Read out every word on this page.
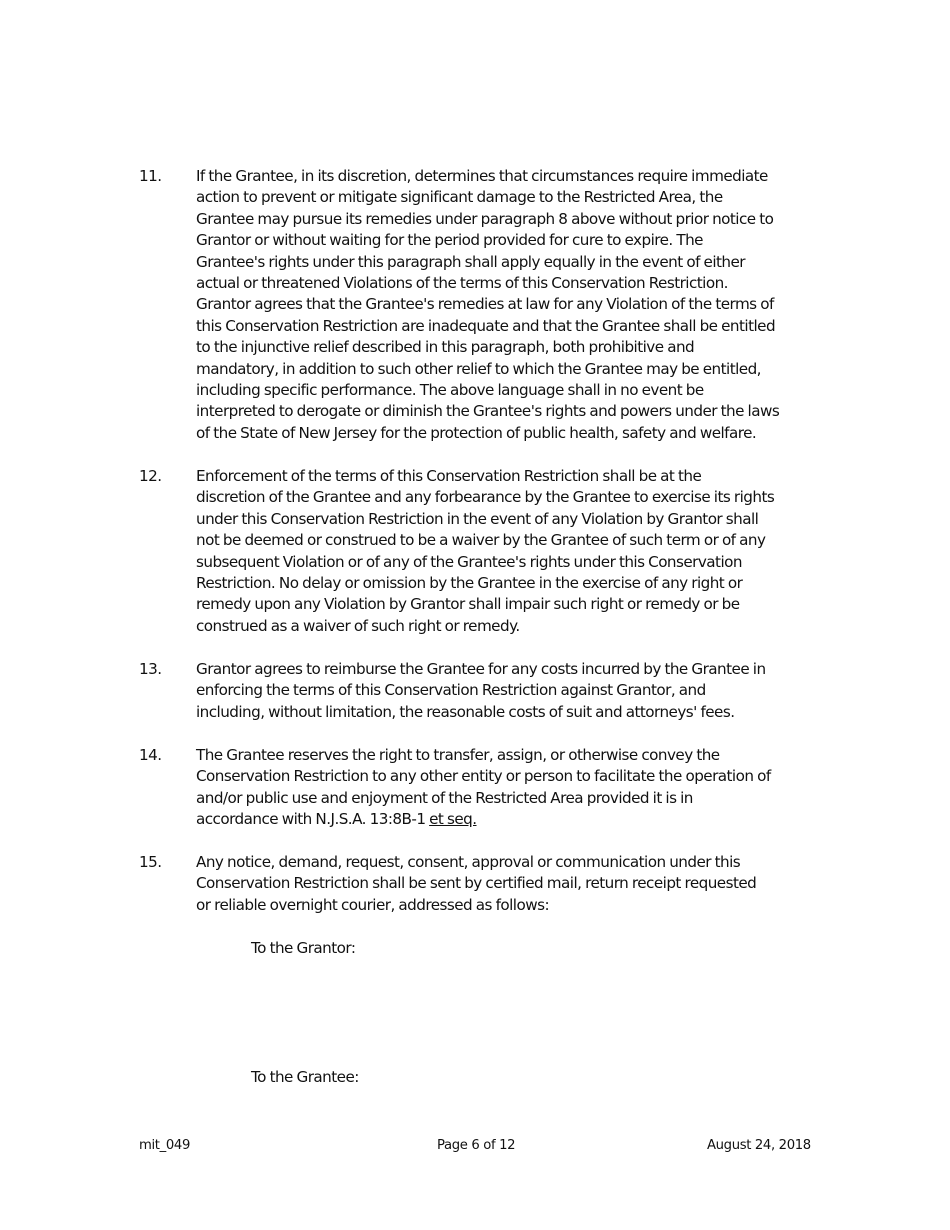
11.	If the Grantee, in its discretion, determines that circumstances require immediate
action to prevent or mitigate significant damage to the Restricted Area, the
Grantee may pursue its remedies under paragraph 8 above without prior notice to
Grantor or without waiting for the period provided for cure to expire. The
Grantee's rights under this paragraph shall apply equally in the event of either
actual or threatened Violations of the terms of this Conservation Restriction.
Grantor agrees that the Grantee's remedies at law for any Violation of the terms of
this Conservation Restriction are inadequate and that the Grantee shall be entitled
to the injunctive relief described in this paragraph, both prohibitive and
mandatory, in addition to such other relief to which the Grantee may be entitled,
including specific performance. The above language shall in no event be
interpreted to derogate or diminish the Grantee's rights and powers under the laws
of the State of New Jersey for the protection of public health, safety and welfare.
12.	Enforcement of the terms of this Conservation Restriction shall be at the
discretion of the Grantee and any forbearance by the Grantee to exercise its rights
under this Conservation Restriction in the event of any Violation by Grantor shall
not be deemed or construed to be a waiver by the Grantee of such term or of any
subsequent Violation or of any of the Grantee's rights under this Conservation
Restriction. No delay or omission by the Grantee in the exercise of any right or
remedy upon any Violation by Grantor shall impair such right or remedy or be
construed as a waiver of such right or remedy.
13.	Grantor agrees to reimburse the Grantee for any costs incurred by the Grantee in
enforcing the terms of this Conservation Restriction against Grantor, and
including, without limitation, the reasonable costs of suit and attorneys' fees.
14.	The Grantee reserves the right to transfer, assign, or otherwise convey the
Conservation Restriction to any other entity or person to facilitate the operation of
and/or public use and enjoyment of the Restricted Area provided it is in
accordance with N.J.S.A. 13:8B-1 et seq.
15.	Any notice, demand, request, consent, approval or communication under this
Conservation Restriction shall be sent by certified mail, return receipt requested
or reliable overnight courier, addressed as follows:
To the Grantor:
To the Grantee:
mit_049	Page 6 of 12	August 24, 2018
